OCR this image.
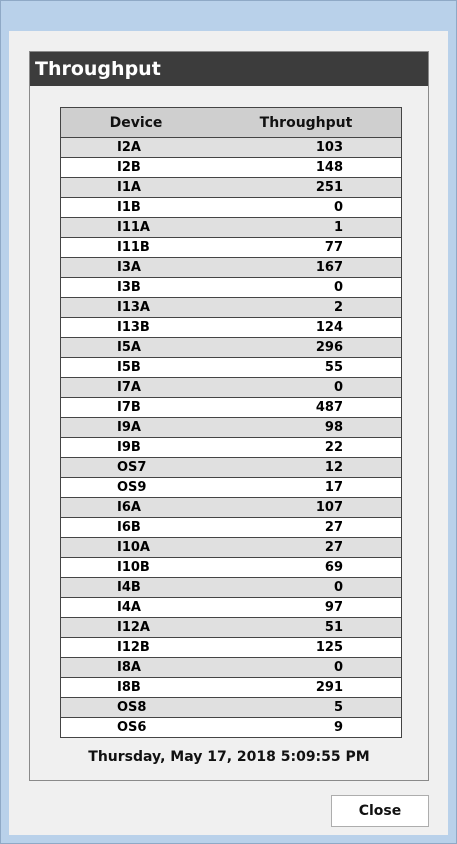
Throughput
Device	Throughput
I2A	103
I2B	148
I1A	251
I1B	0
I11A	1
I11B	77
I3A	167
I3B	0
I13A	2
I13B	124
I5A	296
I5B	55
I7A	0
I7B	487
I9A	98
I9B	22
OS7	12
OS9	17
I6A	107
I6B	27
I10A	27
I10B	69
I4B	0
I4A	97
I12A	51
I12B	125
I8A	0
I8B	291
OS8	5
OS6	9
Thursday, May 17, 2018 5:09:55 PM
Close
